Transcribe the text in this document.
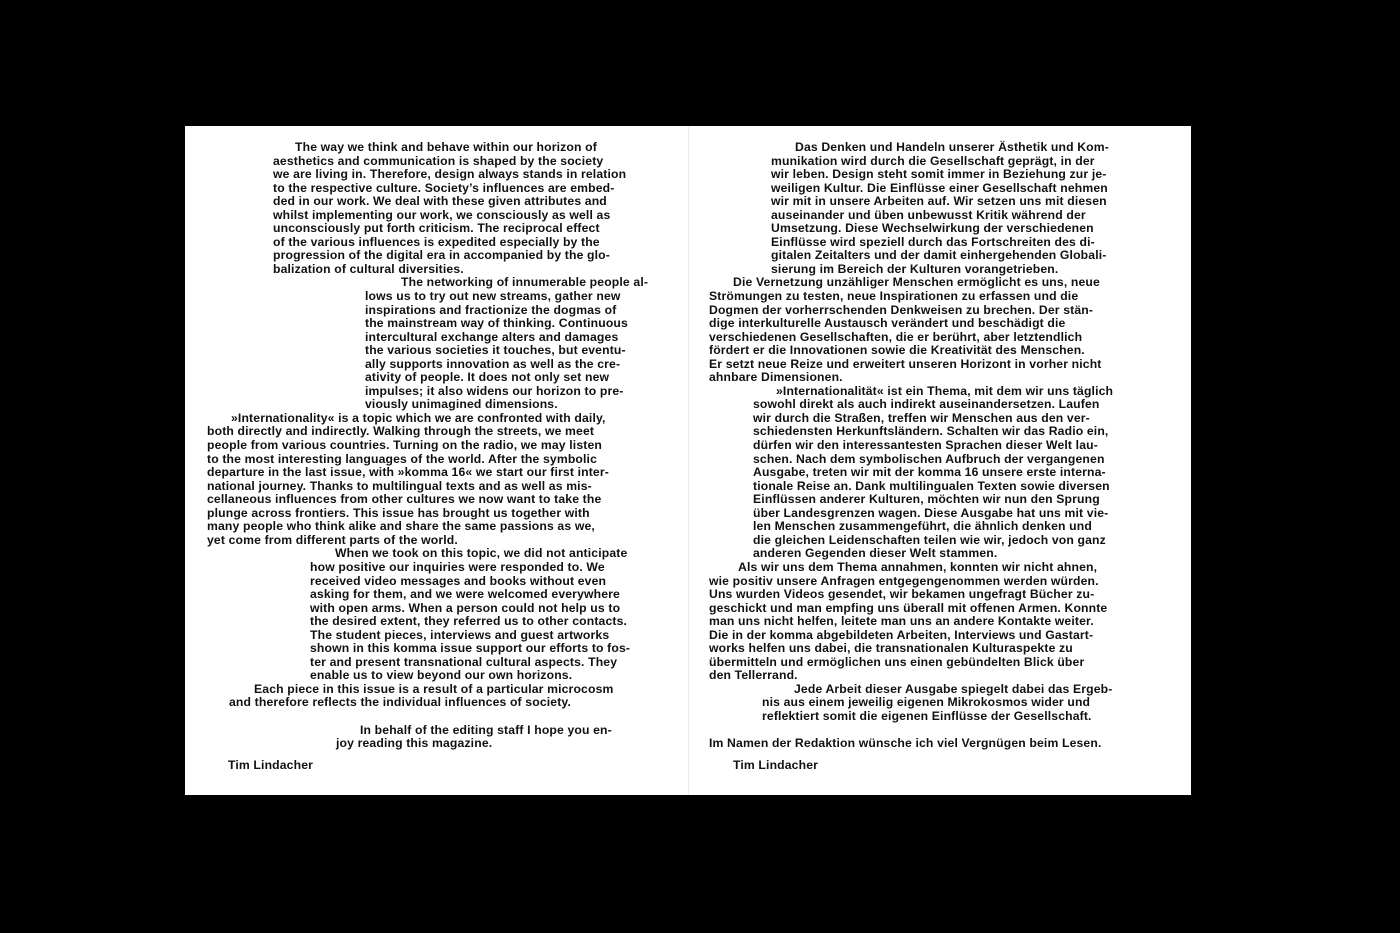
The way we think and behave within our horizon of

aesthetics and communication is shaped by the society

we are living in. Therefore, design always stands in relation

to the respective culture. Society’s influences are embed-

ded in our work. We deal with these given attributes and

whilst implementing our work, we consciously as well as

unconsciously put forth criticism. The reciprocal effect

of the various influences is expedited especially by the

progression of the digital era in accompanied by the glo-

balization of cultural diversities.

The networking of innumerable people al-

lows us to try out new streams, gather new

inspirations and fractionize the dogmas of

the mainstream way of thinking. Continuous

intercultural exchange alters and damages

the various societies it touches, but eventu-

ally supports innovation as well as the cre-

ativity of people. It does not only set new

impulses; it also widens our horizon to pre-

viously unimagined dimensions.

»Internationality« is a topic which we are confronted with daily,

both directly and indirectly. Walking through the streets, we meet

people from various countries. Turning on the radio, we may listen

to the most interesting languages of the world. After the symbolic

departure in the last issue, with »komma 16« we start our first inter-

national journey. Thanks to multilingual texts and as well as mis-

cellaneous influences from other cultures we now want to take the

plunge across frontiers. This issue has brought us together with

many people who think alike and share the same passions as we,

yet come from different parts of the world.

When we took on this topic, we did not anticipate

how positive our inquiries were responded to. We

received video messages and books without even

asking for them, and we were welcomed everywhere

with open arms. When a person could not help us to

the desired extent, they referred us to other contacts.

The student pieces, interviews and guest artworks

shown in this komma issue support our efforts to fos-

ter and present transnational cultural aspects. They

enable us to view beyond our own horizons.

Each piece in this issue is a result of a particular microcosm

and therefore reflects the individual influences of society.

In behalf of the editing staff I hope you en-

joy reading this magazine.

Tim Lindacher

Das Denken und Handeln unserer Ästhetik und Kom-

munikation wird durch die Gesellschaft geprägt, in der

wir leben. Design steht somit immer in Beziehung zur je-

weiligen Kultur. Die Einflüsse einer Gesellschaft nehmen

wir mit in unsere Arbeiten auf. Wir setzen uns mit diesen

auseinander und üben unbewusst Kritik während der

Umsetzung. Diese Wechselwirkung der verschiedenen

Einflüsse wird speziell durch das Fortschreiten des di-

gitalen Zeitalters und der damit einhergehenden Globali-

sierung im Bereich der Kulturen vorangetrieben.

Die Vernetzung unzähliger Menschen ermöglicht es uns, neue

Strömungen zu testen, neue Inspirationen zu erfassen und die

Dogmen der vorherrschenden Denkweisen zu brechen. Der stän-

dige interkulturelle Austausch verändert und beschädigt die

verschiedenen Gesellschaften, die er berührt, aber letztendlich

fördert er die Innovationen sowie die Kreativität des Menschen.

Er setzt neue Reize und erweitert unseren Horizont in vorher nicht

ahnbare Dimensionen.

»Internationalität« ist ein Thema, mit dem wir uns täglich

sowohl direkt als auch indirekt auseinandersetzen. Laufen

wir durch die Straßen, treffen wir Menschen aus den ver-

schiedensten Herkunftsländern. Schalten wir das Radio ein,

dürfen wir den interessantesten Sprachen dieser Welt lau-

schen. Nach dem symbolischen Aufbruch der vergangenen

Ausgabe, treten wir mit der komma 16 unsere erste interna-

tionale Reise an. Dank multilingualen Texten sowie diversen

Einflüssen anderer Kulturen, möchten wir nun den Sprung

über Landesgrenzen wagen. Diese Ausgabe hat uns mit vie-

len Menschen zusammengeführt, die ähnlich denken und

die gleichen Leidenschaften teilen wie wir, jedoch von ganz

anderen Gegenden dieser Welt stammen.

Als wir uns dem Thema annahmen, konnten wir nicht ahnen,

wie positiv unsere Anfragen entgegengenommen werden würden.

Uns wurden Videos gesendet, wir bekamen ungefragt Bücher zu-

geschickt und man empfing uns überall mit offenen Armen. Konnte

man uns nicht helfen, leitete man uns an andere Kontakte weiter.

Die in der komma abgebildeten Arbeiten, Interviews und Gastart-

works helfen uns dabei, die transnationalen Kulturaspekte zu

übermitteln und ermöglichen uns einen gebündelten Blick über

den Tellerrand.

Jede Arbeit dieser Ausgabe spiegelt dabei das Ergeb-

nis aus einem jeweilig eigenen Mikrokosmos wider und

reflektiert somit die eigenen Einflüsse der Gesellschaft.

Im Namen der Redaktion wünsche ich viel Vergnügen beim Lesen.

Tim Lindacher
